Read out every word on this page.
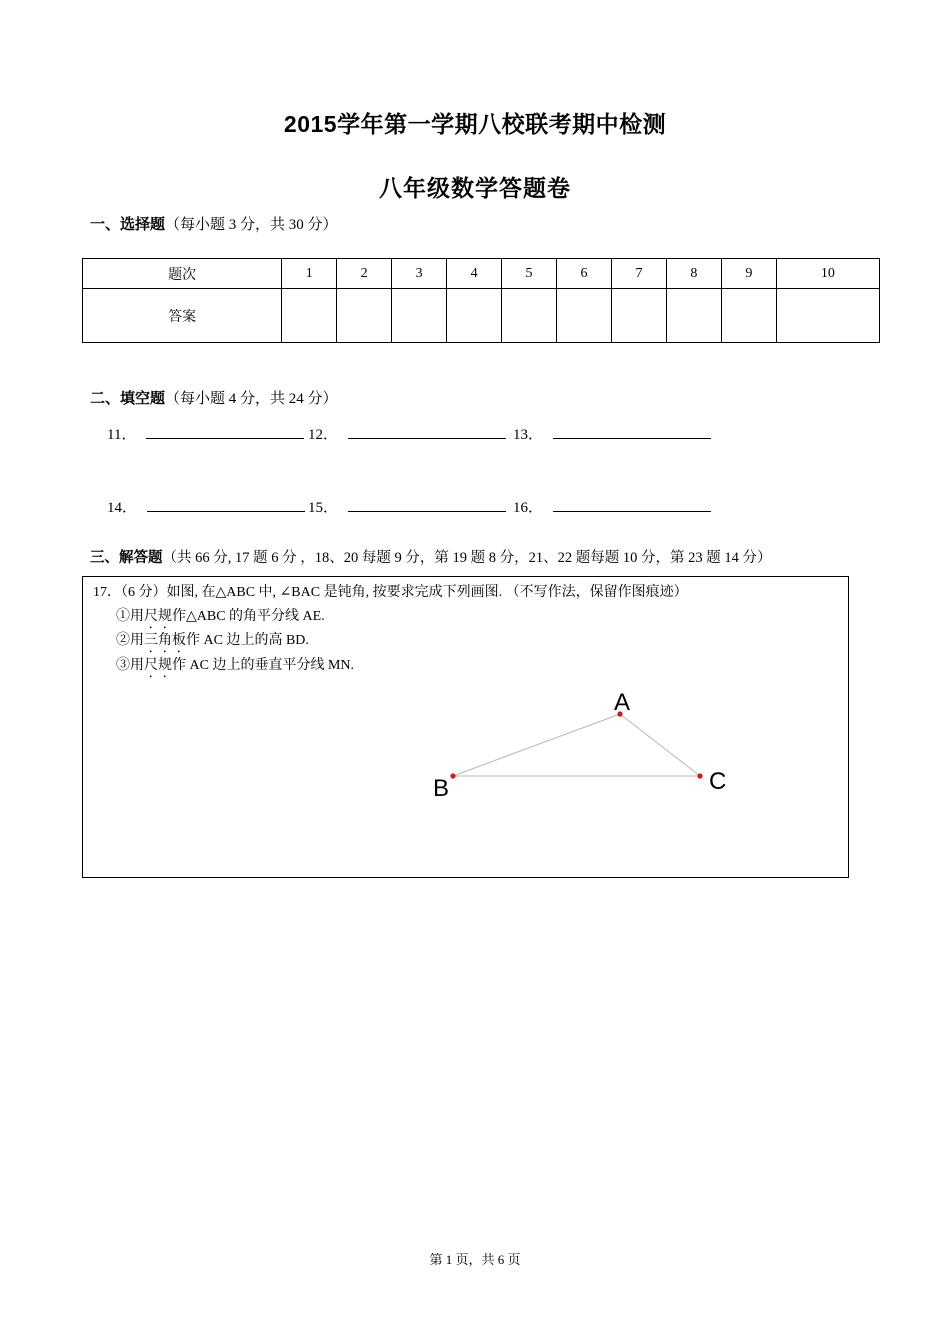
2015学年第一学期八校联考期中检测
八年级数学答题卷
一、选择题（每小题 3 分，共 30 分）
题次	1	2	3	4	5	6	7	8	9	10
答案										
二、填空题（每小题 4 分，共 24 分）
11．	12．	13．
14．	15．	16．
三、解答题（共 66 分, 17 题 6 分 ，18、20 每题 9 分，第 19 题 8 分，21、22 题每题 10 分，第 23 题 14 分）
17．（6 分）如图, 在△ABC 中, ∠BAC 是钝角, 按要求完成下列画图. （不写作法，保留作图痕迹）
①用尺规作△ABC 的角平分线 AE.
②用三角板作 AC 边上的高 BD.
③用尺规作 AC 边上的垂直平分线 MN.
A
B	C
第 1 页，共 6 页
